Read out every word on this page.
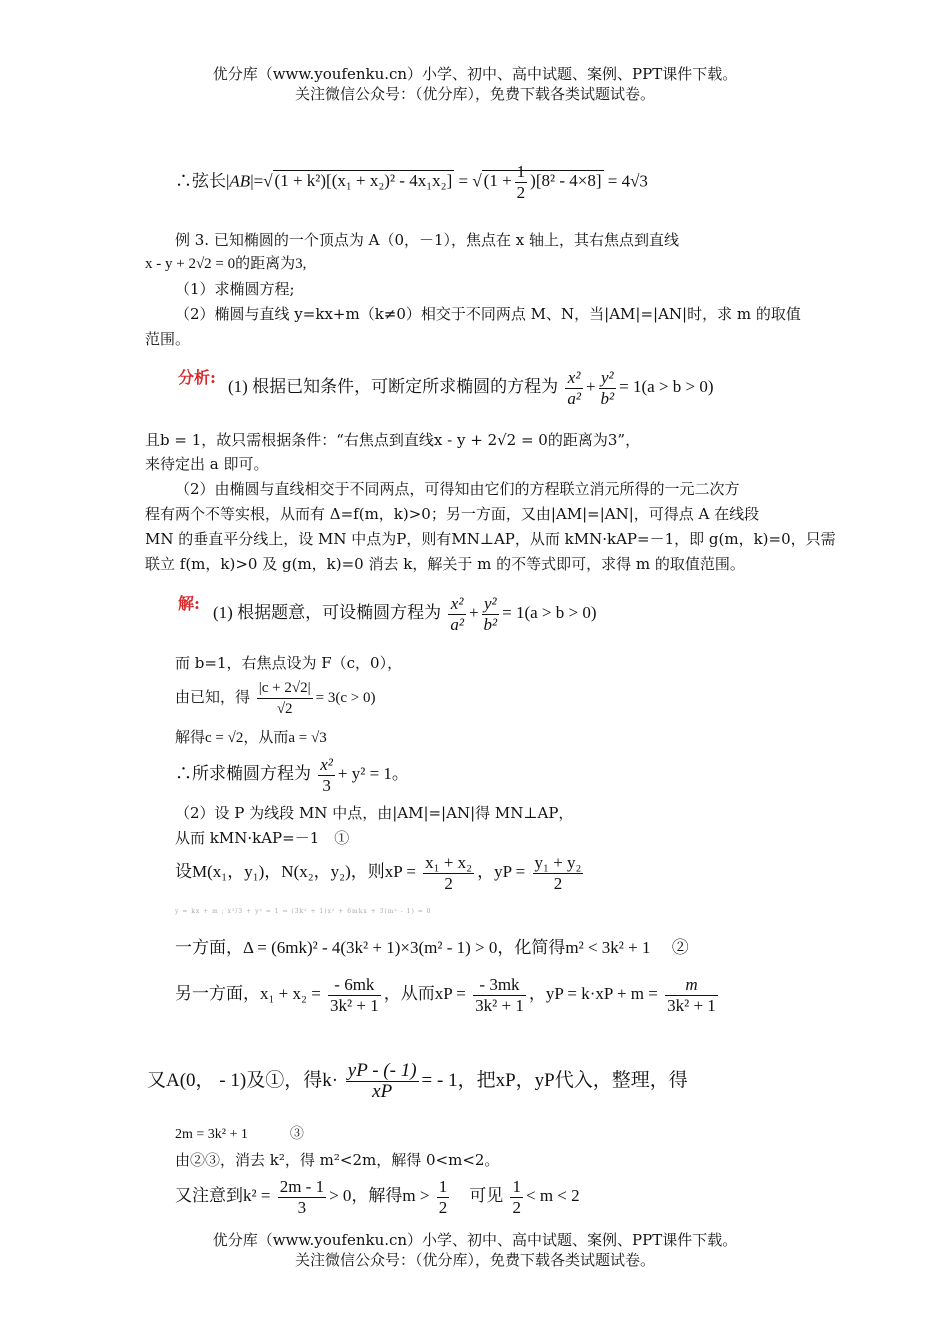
优分库（www.youfenku.cn）小学、初中、高中试题、案例、PPT课件下载。
关注微信公众号：（优分库），免费下载各类试题试卷。
∴弦长|AB|=√ (1 + k²)[(x₁ + x₂)² - 4x₁x₂] = √ $(1 + \frac{1}{2} )[8^2 - 4\times 8] = 4√3$
例 3. 已知椭圆的一个顶点为 A（0，－1），焦点在 x 轴上，其右焦点到直线
x - y + 2√2 = 0的距离为3,
（1）求椭圆方程;
（2）椭圆与直线 y=kx+m（k≠0）相交于不同两点 M、N，当|AM|=|AN|时，求 m 的取值
范围。
分析: (1) 根据已知条件，可断定所求椭圆的方程为 $\frac{\text{x²}}{\text{a²}} + \frac{\text{y²}}{\text{b²}} = 1(a > b > 0)$
且b = 1，故只需根据条件：“右焦点到直线x - y + 2√2 = 0的距离为3”，
来待定出 a 即可。
（2）由椭圆与直线相交于不同两点，可得知由它们的方程联立消元所得的一元二次方
程有两个不等实根，从而有 Δ=f(m，k)>0；另一方面，又由|AM|=|AN|，可得点 A 在线段
MN 的垂直平分线上，设 MN 中点为P，则有MN⊥AP，从而 kMN·kAP=－1，即 g(m，k)=0，只需
联立 f(m，k)>0 及 g(m，k)=0 消去 k，解关于 m 的不等式即可，求得 m 的取值范围。
解: (1) 根据题意，可设椭圆方程为 $\frac{\text{x²}}{\text{a²}} + \frac{\text{y²}}{\text{b²}} = 1(a > b > 0)$
而 b=1，右焦点设为 F（c，0），
由已知，得 $\frac{|c + 2√2|}{√2} = 3(c > 0)$
解得c = √2，从而a = √3
∴所求椭圆方程为 $\frac{\text{x²}}{3} + y^2 = 1$。
（2）设 P 为线段 MN 中点，由|AM|=|AN|得 MN⊥AP，
从而 kMN·kAP=－1　①
设M(x₁，y₁)，N(x₂，y₂)，则xP = $\frac{\text{x₁ + x₂}}{2}$ ，yP = $\frac{\text{y₁ + y₂}}{2}$
y = kx + m ; x²/3 + y² = 1 ⇒ (3k² + 1)x² + 6mkx + 3(m² - 1) = 0
一方面，Δ = (6mk)² - 4(3k² + 1)×3(m² - 1) > 0，化简得m² < 3k² + 1　 ②
另一方面，$x_1 + x_2 = \frac{- 6mk}{\text{3k² + 1}}$ ，从而xP = $\frac{- 3mk}{\text{3k² + 1}}$ ，yP = $k\cdot xP + m = \frac{m}{\text{3k² + 1}}$
又A(0， - 1)及①，得$k\cdot \frac{yP - (- 1)}{xP}$ = - 1，把xP，yP代入，整理，得
2m = 3k² + 1　　　③
由②③，消去 k²，得 m²<2m，解得 0<m<2。
又注意到$k^2 = \frac{2m - 1}{3} > 0$，解得$m > \frac{1}{2}$ 　可见 $\frac{1}{2} < m < 2$
优分库（www.youfenku.cn）小学、初中、高中试题、案例、PPT课件下载。
关注微信公众号：（优分库），免费下载各类试题试卷。
